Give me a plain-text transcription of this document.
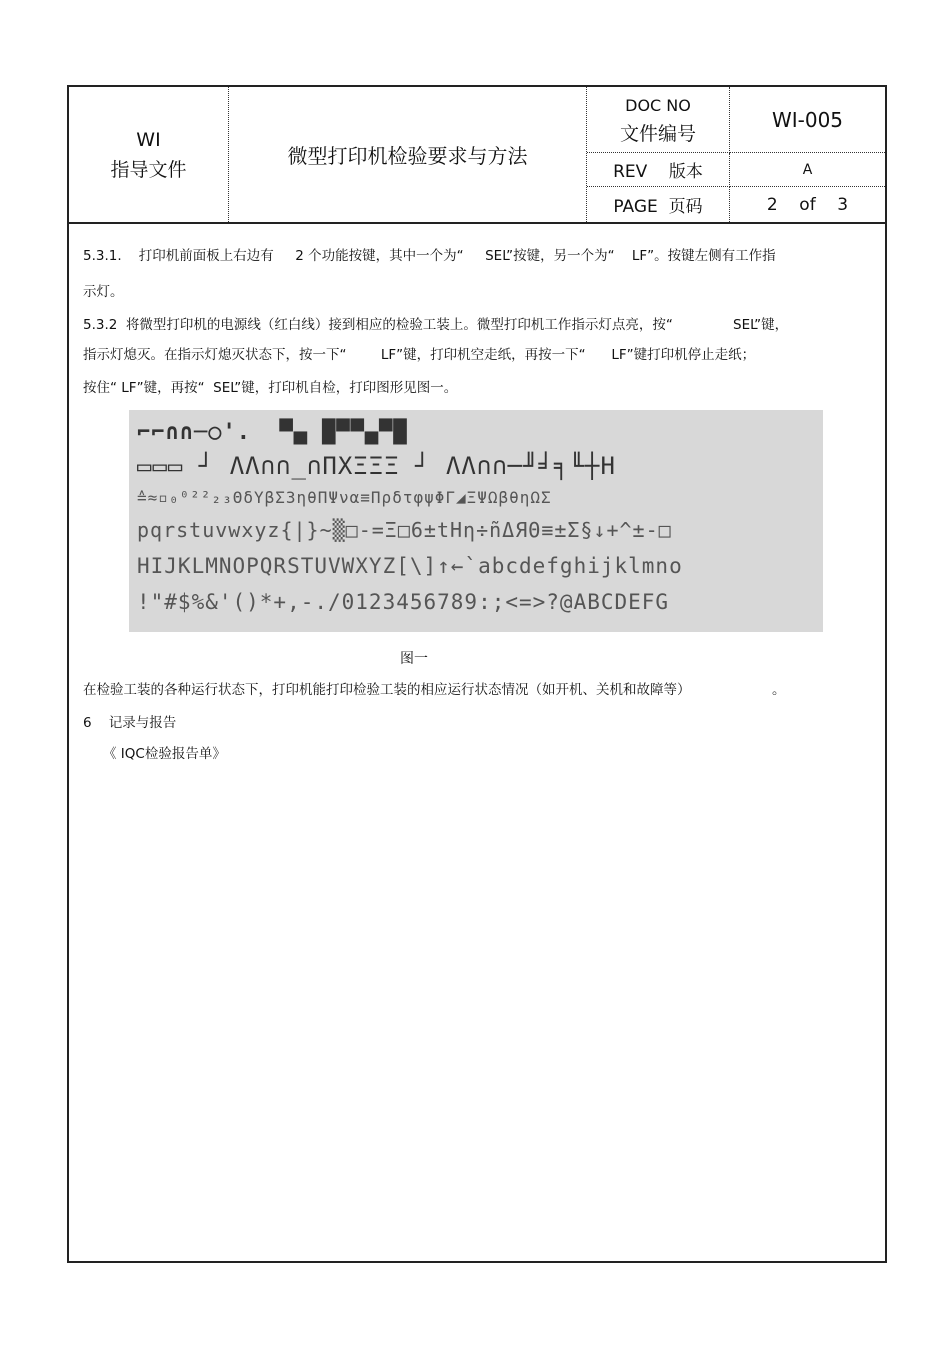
WI
指导文件
微型打印机检验要求与方法
DOC NO
文件编号
WI-005
REV    版本	A
PAGE  页码	2    of    3
5.3.1.    打印机前面板上右边有     2 个功能按键，其中一个为“     SEL”按键，另一个为“    LF”。按键左侧有工作指
示灯。
5.3.2  将微型打印机的电源线（红白线）接到相应的检验工装上。微型打印机工作指示灯点亮，按“              SEL”键，
指示灯熄灭。在指示灯熄灭状态下，按一下“        LF”键，打印机空走纸，再按一下“      LF”键打印机停止走纸；
按住“ LF”键，再按“  SEL”键，打印机自检，打印图形见图一。
⌐⌐∩∩─○'.  ▀▄ █▀▀▄▀█
▭▭▭ ┘ ΛΛ∩∩_∩ΠXΞΞΞ ┘ ΛΛ∩∩─╜╛╕╙┼H
≙≈▫₀⁰²²₂₃ΘδΥβΣ3ηθΠΨνα≡ΠρδτφψΦΓ◢ΞΨΩβθηΩΣ
pqrstuvwxyz{|}~▒□-=Ξ□6±tΗη÷ñΔЯΘ≡±Σ§↓+^±-□
HIJKLMNOPQRSTUVWXYZ[\]↑←`abcdefghijklmno
!"#$%&'()*+,-./0123456789:;<=>?@ABCDEFG
图一
在检验工装的各种运行状态下，打印机能打印检验工装的相应运行状态情况（如开机、关机和故障等）                   。
6    记录与报告
《 IQC检验报告单》
